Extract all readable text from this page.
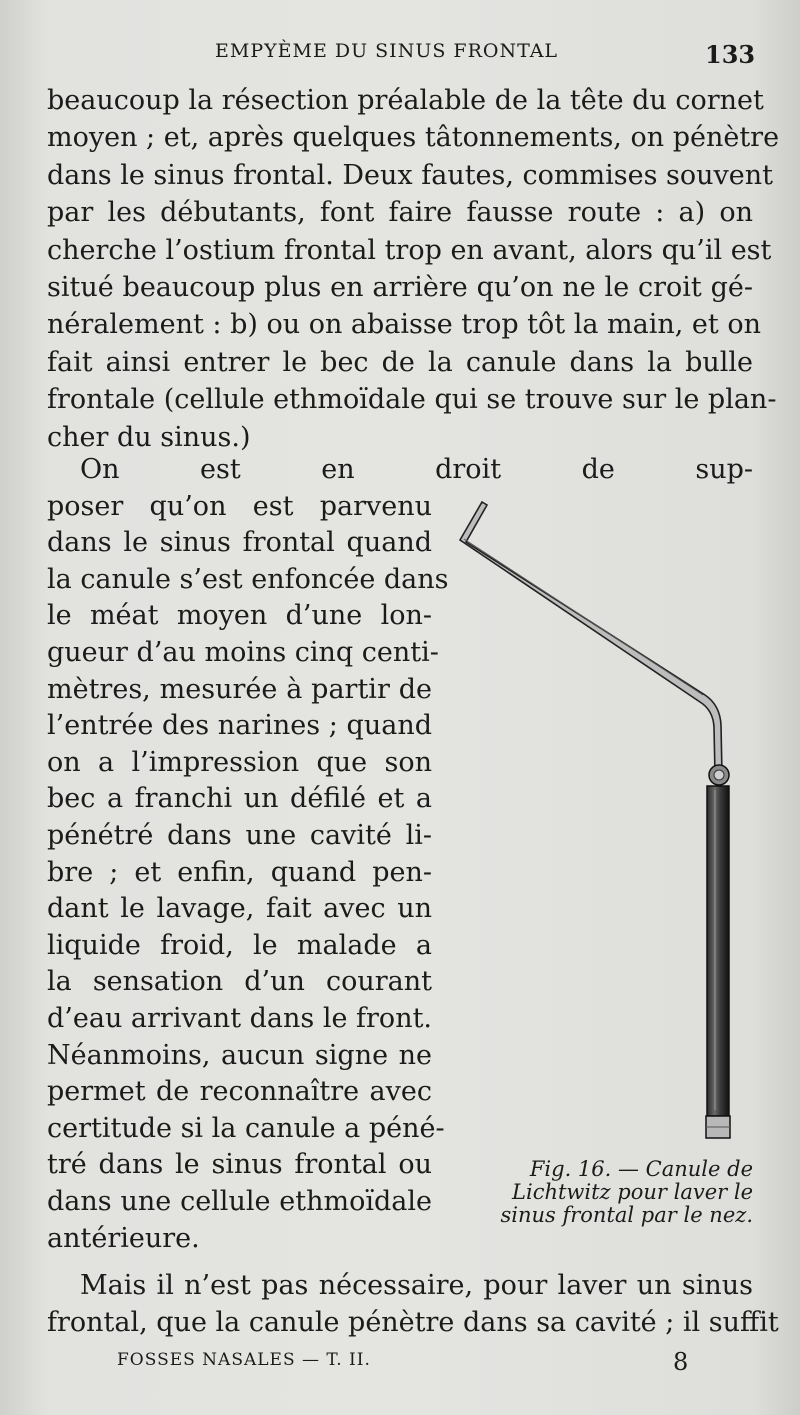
EMPYÈME DU SINUS FRONTAL	133
beaucoup la résection préalable de la tête du cornet
moyen ; et, après quelques tâtonnements, on pénètre
dans le sinus frontal. Deux fautes, commises souvent
par les débutants, font faire fausse route : a) on
cherche l’ostium frontal trop en avant, alors qu’il est
situé beaucoup plus en arrière qu’on ne le croit gé-
néralement : b) ou on abaisse trop tôt la main, et on
fait ainsi entrer le bec de la canule dans la bulle
frontale (cellule ethmoïdale qui se trouve sur le plan-
cher du sinus.)
On est en droit de sup-
poser qu’on est parvenu
dans le sinus frontal quand
la canule s’est enfoncée dans
le méat moyen d’une lon-
gueur d’au moins cinq centi-
mètres, mesurée à partir de
l’entrée des narines ; quand
on a l’impression que son
bec a franchi un défilé et a
pénétré dans une cavité li-
bre ; et enfin, quand pen-
dant le lavage, fait avec un
liquide froid, le malade a
la sensation d’un courant
d’eau arrivant dans le front.
Néanmoins, aucun signe ne
permet de reconnaître avec
certitude si la canule a péné-
tré dans le sinus frontal ou
dans une cellule ethmoïdale
antérieure.
Mais il n’est pas nécessaire, pour laver un sinus
frontal, que la canule pénètre dans sa cavité ; il suffit
Fig. 16. — Canule de
Lichtwitz pour laver le
sinus frontal par le nez.
FOSSES NASALES — T. II.	8
